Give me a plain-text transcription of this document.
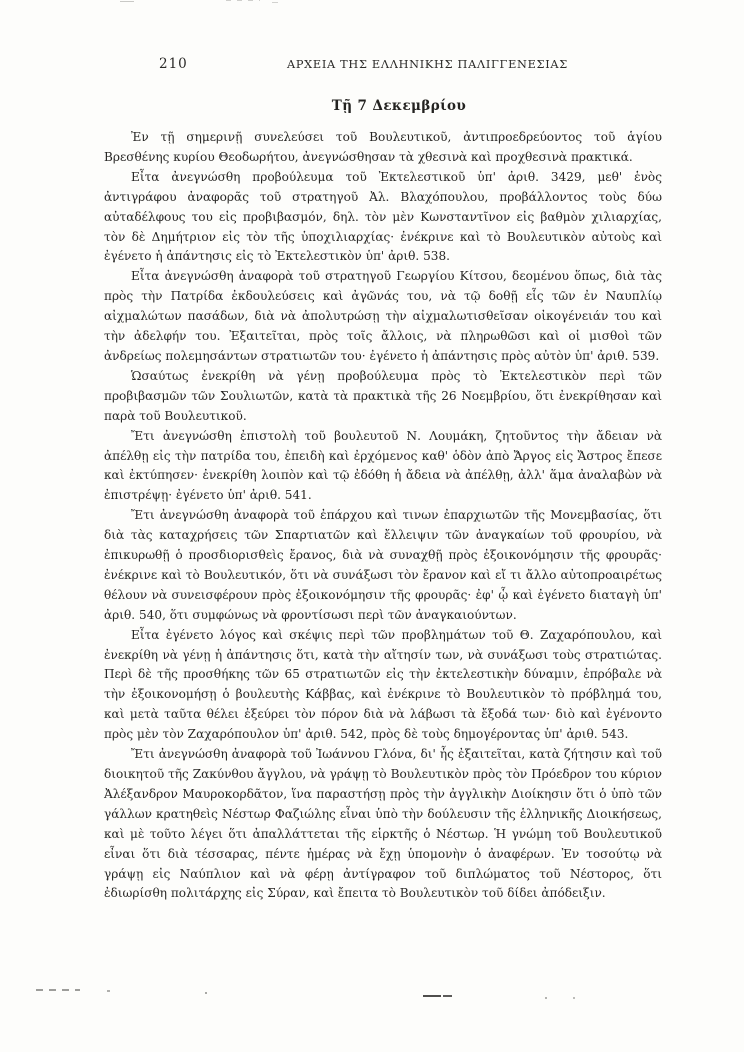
210	ΑΡΧΕΙΑ ΤΗΣ ΕΛΛΗΝΙΚΗΣ ΠΑΛΙΓΓΕΝΕΣΙΑΣ
Τῇ 7 Δεκεμβρίου

Ἐν τῇ σημερινῇ συνελεύσει τοῦ Βουλευτικοῦ, ἀντιπροεδρεύοντος τοῦ ἁγίου Βρεσθένης κυρίου Θεοδωρήτου, ἀνεγνώσθησαν τὰ χθεσινὰ καὶ προχθεσινὰ πρακτικά.

Εἶτα ἀνεγνώσθη προβούλευμα τοῦ Ἐκτελεστικοῦ ὑπ' ἀριθ. 3429, μεθ' ἑνὸς ἀντιγράφου ἀναφορᾶς τοῦ στρατηγοῦ Ἀλ. Βλαχόπουλου, προβάλλοντος τοὺς δύω αὐταδέλφους του εἰς προβιβασμόν, δηλ. τὸν μὲν Κωνσταντῖνον εἰς βαθμὸν χιλιαρχίας, τὸν δὲ Δημήτριον εἰς τὸν τῆς ὑποχιλιαρχίας· ἐνέκρινε καὶ τὸ Βουλευτικὸν αὐτοὺς καὶ ἐγένετο ἡ ἀπάντησις εἰς τὸ Ἐκτελεστικὸν ὑπ' ἀριθ. 538.

Εἶτα ἀνεγνώσθη ἀναφορὰ τοῦ στρατηγοῦ Γεωργίου Κίτσου, δεομένου ὅπως, διὰ τὰς πρὸς τὴν Πατρίδα ἐκδουλεύσεις καὶ ἀγῶνάς του, νὰ τῷ δοθῇ εἷς τῶν ἐν Ναυπλίῳ αἰχμαλώτων πασάδων, διὰ νὰ ἀπολυτρώσῃ τὴν αἰχμαλωτισθεῖσαν οἰκογένειάν του καὶ τὴν ἀδελφήν του. Ἐξαιτεῖται, πρὸς τοῖς ἄλλοις, νὰ πληρωθῶσι καὶ οἱ μισθοὶ τῶν ἀνδρείως πολεμησάντων στρατιωτῶν του· ἐγένετο ἡ ἀπάντησις πρὸς αὐτὸν ὑπ' ἀριθ. 539.

Ὡσαύτως ἐνεκρίθη νὰ γένῃ προβούλευμα πρὸς τὸ Ἐκτελεστικὸν περὶ τῶν προβιβασμῶν τῶν Σουλιωτῶν, κατὰ τὰ πρακτικὰ τῆς 26 Νοεμβρίου, ὅτι ἐνεκρίθησαν καὶ παρὰ τοῦ Βουλευτικοῦ.

Ἔτι ἀνεγνώσθη ἐπιστολὴ τοῦ βουλευτοῦ Ν. Λουμάκη, ζητοῦντος τὴν ἄδειαν νὰ ἀπέλθῃ εἰς τὴν πατρίδα του, ἐπειδὴ καὶ ἐρχόμενος καθ' ὁδὸν ἀπὸ Ἄργος εἰς Ἄστρος ἔπεσε καὶ ἐκτύπησεν· ἐνεκρίθη λοιπὸν καὶ τῷ ἐδόθη ἡ ἄδεια νὰ ἀπέλθῃ, ἀλλ' ἅμα ἀναλαβὼν νὰ ἐπιστρέψῃ· ἐγένετο ὑπ' ἀριθ. 541.

Ἔτι ἀνεγνώσθη ἀναφορὰ τοῦ ἐπάρχου καὶ τινων ἐπαρχιωτῶν τῆς Μονεμβασίας, ὅτι διὰ τὰς καταχρήσεις τῶν Σπαρτιατῶν καὶ ἔλλειψιν τῶν ἀναγκαίων τοῦ φρουρίου, νὰ ἐπικυρωθῇ ὁ προσδιορισθεὶς ἔρανος, διὰ νὰ συναχθῇ πρὸς ἐξοικονόμησιν τῆς φρουρᾶς· ἐνέκρινε καὶ τὸ Βουλευτικόν, ὅτι νὰ συνάξωσι τὸν ἔρανον καὶ εἴ τι ἄλλο αὐτοπροαιρέτως θέλουν νὰ συνεισφέρουν πρὸς ἐξοικονόμησιν τῆς φρουρᾶς· ἐφ' ᾧ καὶ ἐγένετο διαταγὴ ὑπ' ἀριθ. 540, ὅτι συμφώνως νὰ φροντίσωσι περὶ τῶν ἀναγκαιούντων.

Εἶτα ἐγένετο λόγος καὶ σκέψις περὶ τῶν προβλημάτων τοῦ Θ. Ζαχαρόπουλου, καὶ ἐνεκρίθη νὰ γένῃ ἡ ἀπάντησις ὅτι, κατὰ τὴν αἴτησίν των, νὰ συνάξωσι τοὺς στρατιώτας. Περὶ δὲ τῆς προσθήκης τῶν 65 στρατιωτῶν εἰς τὴν ἐκτελεστικὴν δύναμιν, ἐπρόβαλε νὰ τὴν ἐξοικονομήσῃ ὁ βουλευτὴς Κάββας, καὶ ἐνέκρινε τὸ Βουλευτικὸν τὸ πρόβλημά του, καὶ μετὰ ταῦτα θέλει ἐξεύρει τὸν πόρον διὰ νὰ λάβωσι τὰ ἔξοδά των· διὸ καὶ ἐγένοντο πρὸς μὲν τὸν Ζαχαρόπουλον ὑπ' ἀριθ. 542, πρὸς δὲ τοὺς δημογέροντας ὑπ' ἀριθ. 543.

Ἔτι ἀνεγνώσθη ἀναφορὰ τοῦ Ἰωάννου Γλόνα, δι' ἧς ἐξαιτεῖται, κατὰ ζήτησιν καὶ τοῦ διοικητοῦ τῆς Ζακύνθου ἄγγλου, νὰ γράψῃ τὸ Βουλευτικὸν πρὸς τὸν Πρόεδρον του κύριον Ἀλέξανδρον Μαυροκορδᾶτον, ἵνα παραστήσῃ πρὸς τὴν ἀγγλικὴν Διοίκησιν ὅτι ὁ ὑπὸ τῶν γάλλων κρατηθεὶς Νέστωρ Φαζιώλης εἶναι ὑπὸ τὴν δούλευσιν τῆς ἑλληνικῆς Διοικήσεως, καὶ μὲ τοῦτο λέγει ὅτι ἀπαλλάττεται τῆς εἱρκτῆς ὁ Νέστωρ. Ἡ γνώμη τοῦ Βουλευτικοῦ εἶναι ὅτι διὰ τέσσαρας, πέντε ἡμέρας νὰ ἔχῃ ὑπομονὴν ὁ ἀναφέρων. Ἐν τοσούτῳ νὰ γράψῃ εἰς Ναύπλιον καὶ νὰ φέρῃ ἀντίγραφον τοῦ διπλώματος τοῦ Νέστορος, ὅτι ἐδιωρίσθη πολιτάρχης εἰς Σύραν, καὶ ἔπειτα τὸ Βουλευτικὸν τοῦ δίδει ἀπόδειξιν.
